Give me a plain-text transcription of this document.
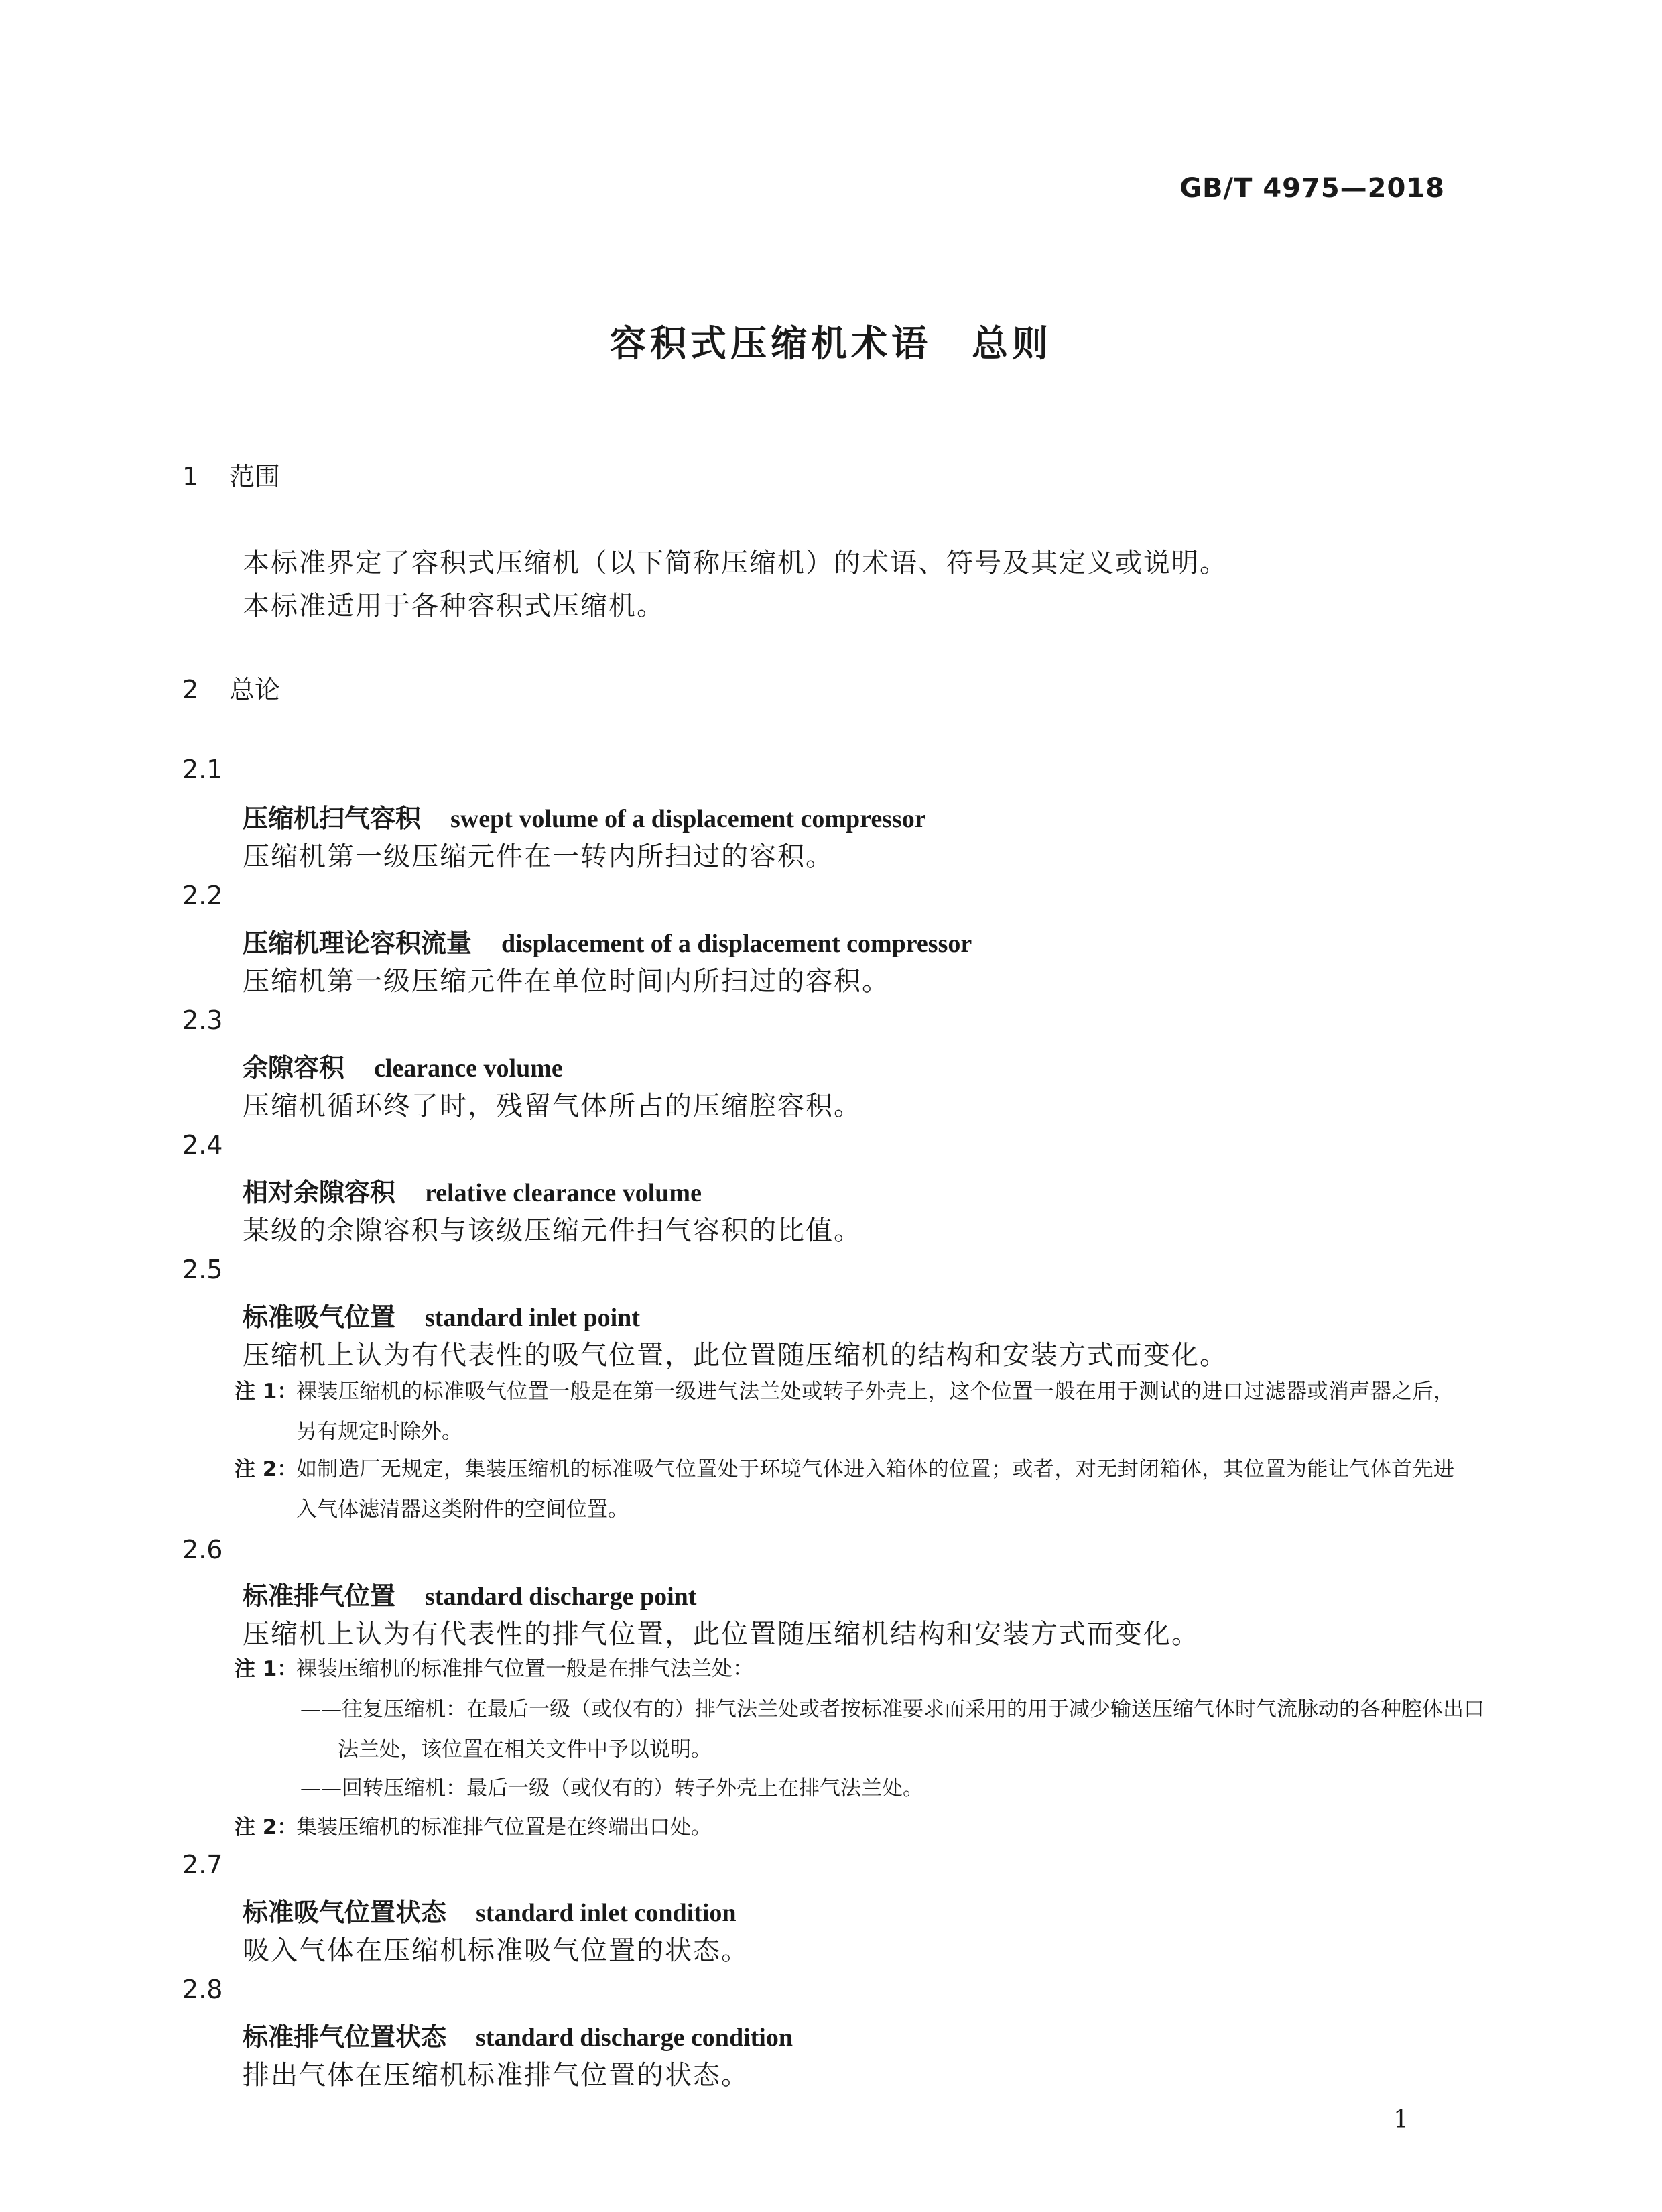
GB/T 4975—2018
容积式压缩机术语　总则
1 范围
本标准界定了容积式压缩机（以下简称压缩机）的术语、符号及其定义或说明。
本标准适用于各种容积式压缩机。
2 总论
2.1
压缩机扫气容积 swept volume of a displacement compressor
压缩机第一级压缩元件在一转内所扫过的容积。
2.2
压缩机理论容积流量 displacement of a displacement compressor
压缩机第一级压缩元件在单位时间内所扫过的容积。
2.3
余隙容积 clearance volume
压缩机循环终了时，残留气体所占的压缩腔容积。
2.4
相对余隙容积 relative clearance volume
某级的余隙容积与该级压缩元件扫气容积的比值。
2.5
标准吸气位置 standard inlet point
压缩机上认为有代表性的吸气位置，此位置随压缩机的结构和安装方式而变化。
注 1：
裸装压缩机的标准吸气位置一般是在第一级进气法兰处或转子外壳上，这个位置一般在用于测试的进口过滤器或消声器之后，另有规定时除外。
注 2：
如制造厂无规定，集装压缩机的标准吸气位置处于环境气体进入箱体的位置；或者，对无封闭箱体，其位置为能让气体首先进入气体滤清器这类附件的空间位置。
2.6
标准排气位置 standard discharge point
压缩机上认为有代表性的排气位置，此位置随压缩机结构和安装方式而变化。
注 1：
裸装压缩机的标准排气位置一般是在排气法兰处：
——往复压缩机：在最后一级（或仅有的）排气法兰处或者按标准要求而采用的用于减少输送压缩气体时气流脉动的各种腔体出口法兰处，该位置在相关文件中予以说明。
——回转压缩机：最后一级（或仅有的）转子外壳上在排气法兰处。
注 2：
集装压缩机的标准排气位置是在终端出口处。
2.7
标准吸气位置状态 standard inlet condition
吸入气体在压缩机标准吸气位置的状态。
2.8
标准排气位置状态 standard discharge condition
排出气体在压缩机标准排气位置的状态。
1
